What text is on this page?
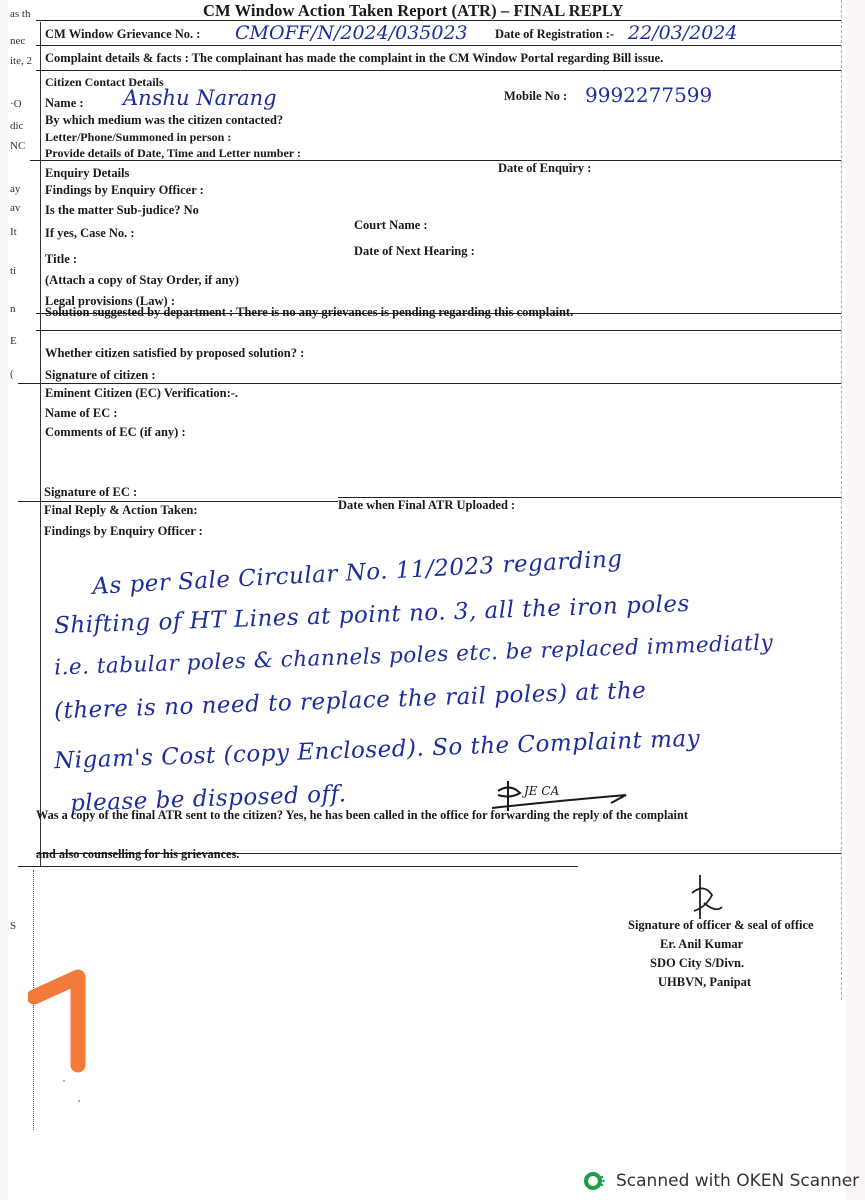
as th
nec
ite, 2
·O
dic
NC
ay
av
It
ti
n
E
(
S
CM Window Action Taken Report (ATR) – FINAL REPLY
CM Window Grievance No. : CMOFF/N/2024/035023 Date of Registration :- 22/03/2024
Complaint details & facts : The complainant has made the complaint in the CM Window Portal regarding Bill issue.
Citizen Contact Details
Name : Anshu Narang	Mobile No : 9992277599
By which medium was the citizen contacted?
Letter/Phone/Summoned in person :
Provide details of Date, Time and Letter number :
Enquiry Details	Date of Enquiry :
Findings by Enquiry Officer :
Is the matter Sub-judice? No
If yes, Case No. :
Court Name :
Date of Next Hearing :
Title :
(Attach a copy of Stay Order, if any)
Legal provisions (Law) :
Solution suggested by department : There is no any grievances is pending regarding this complaint.
Whether citizen satisfied by proposed solution? :
Signature of citizen :
Eminent Citizen (EC) Verification:-.
Name of EC :
Comments of EC (if any) :
Signature of EC :
Final Reply & Action Taken:	Date when Final ATR Uploaded :
Findings by Enquiry Officer :
As per Sale Circular No. 11/2023 regarding
Shifting of HT Lines at point no. 3, all the iron poles
i.e. tabular poles & channels poles etc. be replaced immediatly
(there is no need to replace the rail poles) at the
Nigam's Cost (copy Enclosed). So the Complaint may
please be disposed off.	JE CA
Was a copy of the final ATR sent to the citizen? Yes, he has been called in the office for forwarding the reply of the complaint
and also counselling for his grievances.
Signature of officer & seal of office
Er. Anil Kumar
SDO City S/Divn.
UHBVN, Panipat
Scanned with OKEN Scanner
